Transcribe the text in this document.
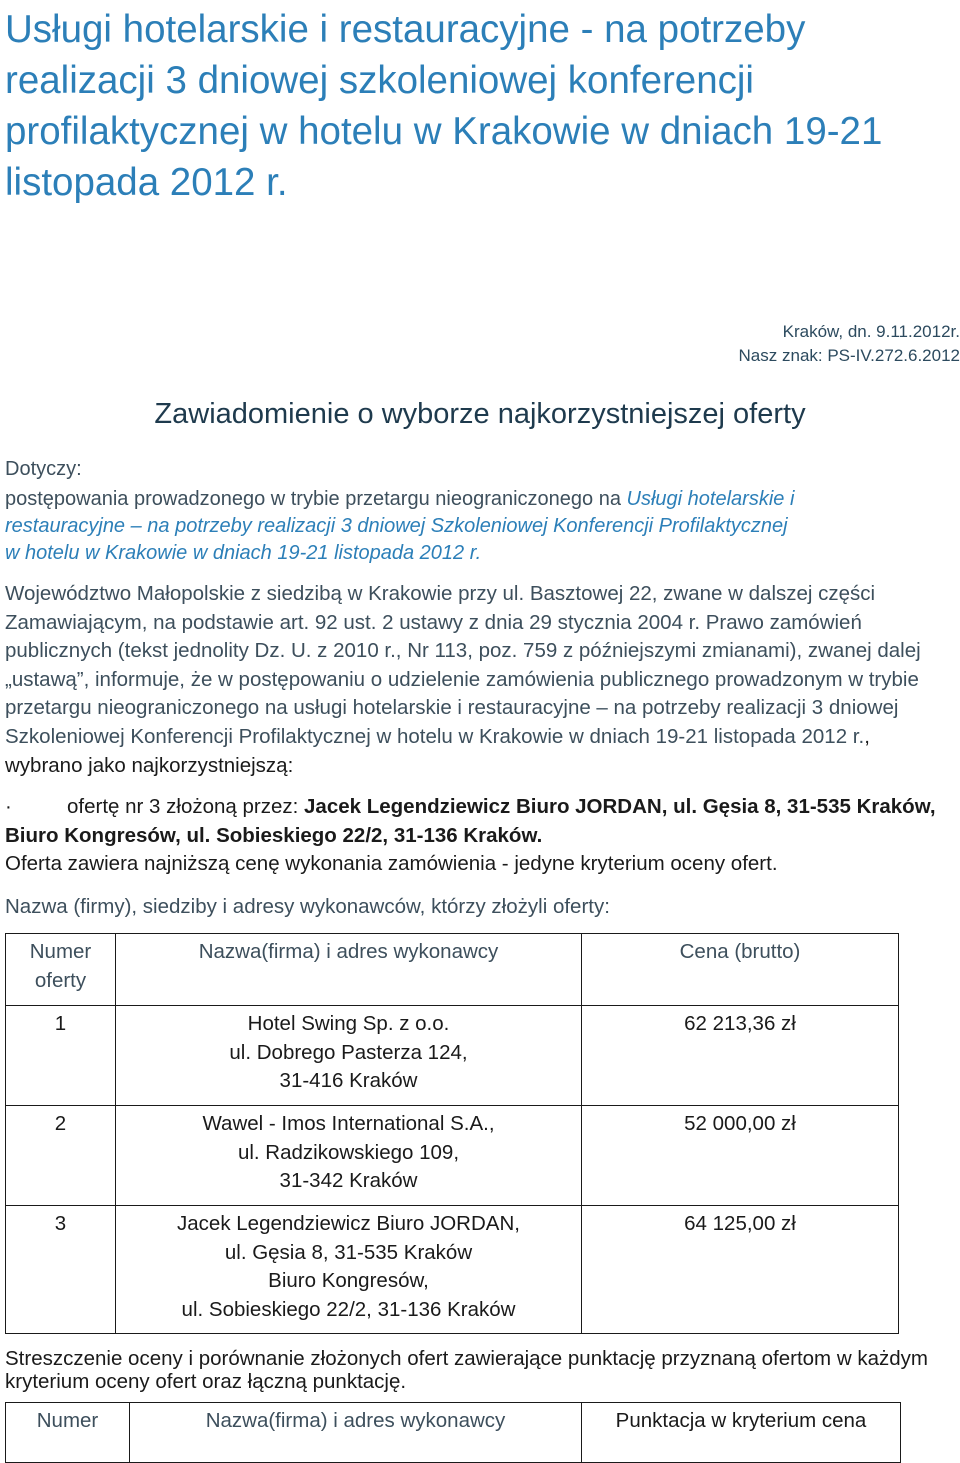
Usługi hotelarskie i restauracyjne - na potrzeby realizacji 3 dniowej szkoleniowej konferencji profilaktycznej w hotelu w Krakowie w dniach 19-21 listopada 2012 r.
Kraków, dn. 9.11.2012r.
Nasz znak: PS-IV.272.6.2012
Zawiadomienie o wyborze najkorzystniejszej oferty
Dotyczy:
postępowania prowadzonego w trybie przetargu nieograniczonego na Usługi hotelarskie i
restauracyjne – na potrzeby realizacji 3 dniowej Szkoleniowej Konferencji Profilaktycznej
w hotelu w Krakowie w dniach 19-21 listopada 2012 r.
Województwo Małopolskie z siedzibą w Krakowie przy ul. Basztowej 22, zwane w dalszej części Zamawiającym, na podstawie art. 92 ust. 2 ustawy z dnia 29 stycznia 2004 r. Prawo zamówień publicznych (tekst jednolity Dz. U. z 2010 r., Nr 113, poz. 759 z późniejszymi zmianami), zwanej dalej „ustawą”, informuje, że w postępowaniu o udzielenie zamówienia publicznego prowadzonym w trybie przetargu nieograniczonego na usługi hotelarskie i restauracyjne – na potrzeby realizacji 3 dniowej Szkoleniowej Konferencji Profilaktycznej w hotelu w Krakowie w dniach 19-21 listopada 2012 r., wybrano jako najkorzystniejszą:
·	ofertę nr 3 złożoną przez: Jacek Legendziewicz Biuro JORDAN, ul. Gęsia 8, 31-535 Kraków, Biuro Kongresów, ul. Sobieskiego 22/2, 31-136 Kraków.
Oferta zawiera najniższą cenę wykonania zamówienia - jedyne kryterium oceny ofert.
Nazwa (firmy), siedziby i adresy wykonawców, którzy złożyli oferty:
Numer oferty	Nazwa(firma) i adres wykonawcy	Cena (brutto)
1	Hotel Swing Sp. z o.o.
ul. Dobrego Pasterza 124,
31-416 Kraków	62 213,36 zł
2	Wawel - Imos International S.A.,
ul. Radzikowskiego 109,
31-342 Kraków	52 000,00 zł
3	Jacek Legendziewicz Biuro JORDAN,
ul. Gęsia 8, 31-535 Kraków
Biuro Kongresów,
ul. Sobieskiego 22/2, 31-136 Kraków	64 125,00 zł
Streszczenie oceny i porównanie złożonych ofert zawierające punktację przyznaną ofertom w każdym kryterium oceny ofert oraz łączną punktację.
Numer	Nazwa(firma) i adres wykonawcy	Punktacja w kryterium cena
